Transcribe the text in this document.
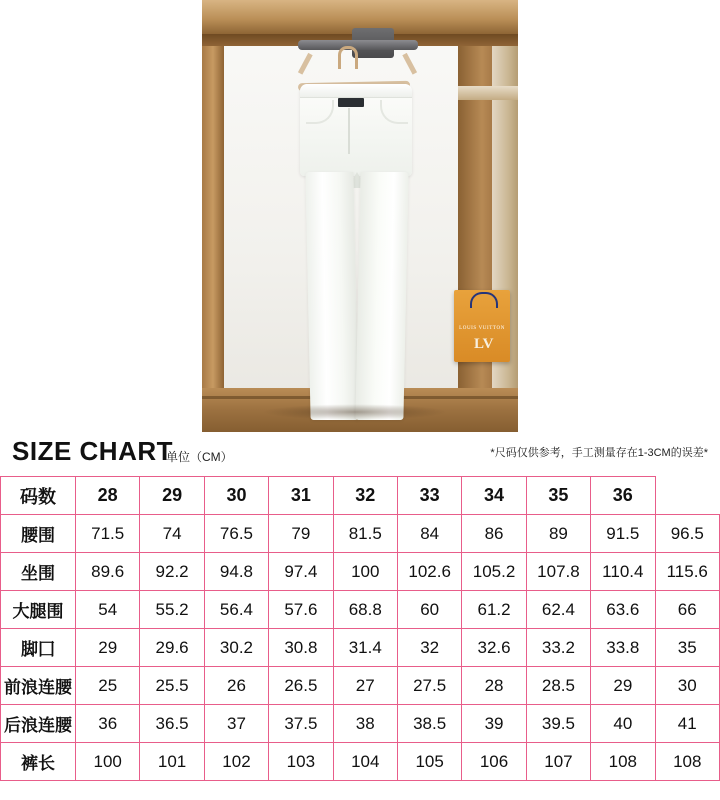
LOUIS VUITTON
LV
SIZE CHART
单位（CM）	*尺码仅供参考，手工测量存在1-3CM的误差*
码数	28	29	30	31	32	33	34	35	36	
腰围	71.5	74	76.5	79	81.5	84	86	89	91.5	96.5
坐围	89.6	92.2	94.8	97.4	100	102.6	105.2	107.8	110.4	115.6
大腿围	54	55.2	56.4	57.6	68.8	60	61.2	62.4	63.6	66
脚囗	29	29.6	30.2	30.8	31.4	32	32.6	33.2	33.8	35
前浪连腰	25	25.5	26	26.5	27	27.5	28	28.5	29	30
后浪连腰	36	36.5	37	37.5	38	38.5	39	39.5	40	41
裤长	100	101	102	103	104	105	106	107	108	108
